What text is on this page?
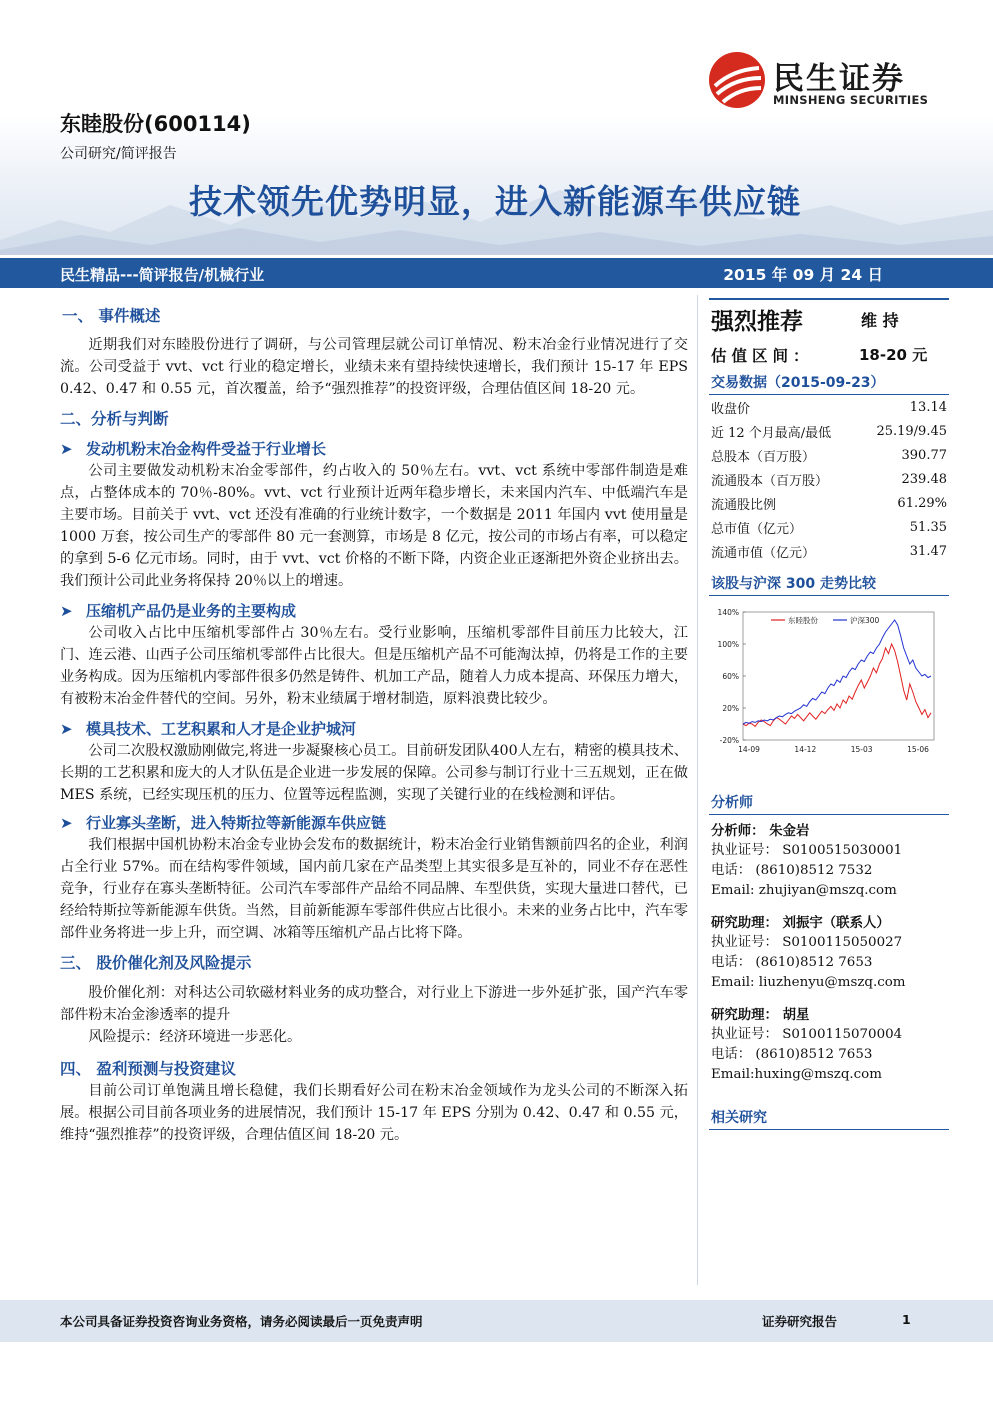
民生证券
MINSHENG SECURITIES
东睦股份(600114)
公司研究/简评报告
技术领先优势明显，进入新能源车供应链
民生精品---简评报告/机械行业	2015 年 09 月 24 日

一、 事件概述

近期我们对东睦股份进行了调研，与公司管理层就公司订单情况、粉末冶金行业情况进行了交流。公司受益于 vvt、vct 行业的稳定增长，业绩未来有望持续快速增长，我们预计 15-17 年 EPS 0.42、0.47 和 0.55 元，首次覆盖，给予“强烈推荐”的投资评级，合理估值区间 18-20 元。

二、分析与判断

➤ 发动机粉末冶金构件受益于行业增长

公司主要做发动机粉末冶金零部件，约占收入的 50％左右。vvt、vct 系统中零部件制造是难点，占整体成本的 70％-80%。vvt、vct 行业预计近两年稳步增长，未来国内汽车、中低端汽车是主要市场。目前关于 vvt、vct 还没有准确的行业统计数字，一个数据是 2011 年国内 vvt 使用量是 1000 万套，按公司生产的零部件 80 元一套测算，市场是 8 亿元，按公司的市场占有率，可以稳定的拿到 5-6 亿元市场。同时，由于 vvt、vct 价格的不断下降，内资企业正逐渐把外资企业挤出去。我们预计公司此业务将保持 20％以上的增速。

➤ 压缩机产品仍是业务的主要构成

公司收入占比中压缩机零部件占 30％左右。受行业影响，压缩机零部件目前压力比较大，江门、连云港、山西子公司压缩机零部件占比很大。但是压缩机产品不可能淘汰掉，仍将是工作的主要业务构成。因为压缩机内零部件很多仍然是铸件、机加工产品，随着人力成本提高、环保压力增大，有被粉末冶金件替代的空间。另外，粉末业绩属于增材制造，原料浪费比较少。

➤ 模具技术、工艺积累和人才是企业护城河

公司二次股权激励刚做完,将进一步凝聚核心员工。目前研发团队400人左右，精密的模具技术、长期的工艺积累和庞大的人才队伍是企业进一步发展的保障。公司参与制订行业十三五规划，正在做 MES 系统，已经实现压机的压力、位置等远程监测，实现了关键行业的在线检测和评估。

➤ 行业寡头垄断，进入特斯拉等新能源车供应链

我们根据中国机协粉末冶金专业协会发布的数据统计，粉末冶金行业销售额前四名的企业，利润占全行业 57%。而在结构零件领域，国内前几家在产品类型上其实很多是互补的，同业不存在恶性竞争，行业存在寡头垄断特征。公司汽车零部件产品给不同品牌、车型供货，实现大量进口替代，已经给特斯拉等新能源车供货。当然，目前新能源车零部件供应占比很小。未来的业务占比中，汽车零部件业务将进一步上升，而空调、冰箱等压缩机产品占比将下降。

三、 股价催化剂及风险提示

股价催化剂：对科达公司软磁材料业务的成功整合，对行业上下游进一步外延扩张，国产汽车零部件粉末冶金渗透率的提升

风险提示：经济环境进一步恶化。

四、 盈利预测与投资建议

目前公司订单饱满且增长稳健，我们长期看好公司在粉末冶金领域作为龙头公司的不断深入拓展。根据公司目前各项业务的进展情况，我们预计 15-17 年 EPS 分别为 0.42、0.47 和 0.55 元，维持“强烈推荐”的投资评级，合理估值区间 18-20 元。

强烈推荐	维 持
估值区间：	18-20 元
交易数据（2015-09-23）
收盘价	13.14
近 12 个月最高/最低	25.19/9.45
总股本（百万股）	390.77
流通股本（百万股）	239.48
流通股比例	61.29%
总市值（亿元）	51.35
流通市值（亿元）	31.47
该股与沪深 300 走势比较
140%
100%
60%
20%
-20%
14-09	14-12	15-03	15-06
东睦股份	沪深300
分析师
分析师： 朱金岩
执业证号： S0100515030001
电话： (8610)8512 7532
Email: zhujiyan@mszq.com
研究助理： 刘振宇（联系人）
执业证号： S0100115050027
电话： (8610)8512 7653
Email: liuzhenyu@mszq.com
研究助理： 胡星
执业证号： S0100115070004
电话： (8610)8512 7653
Email:huxing@mszq.com
相关研究
本公司具备证券投资咨询业务资格，请务必阅读最后一页免责声明	证券研究报告	1
